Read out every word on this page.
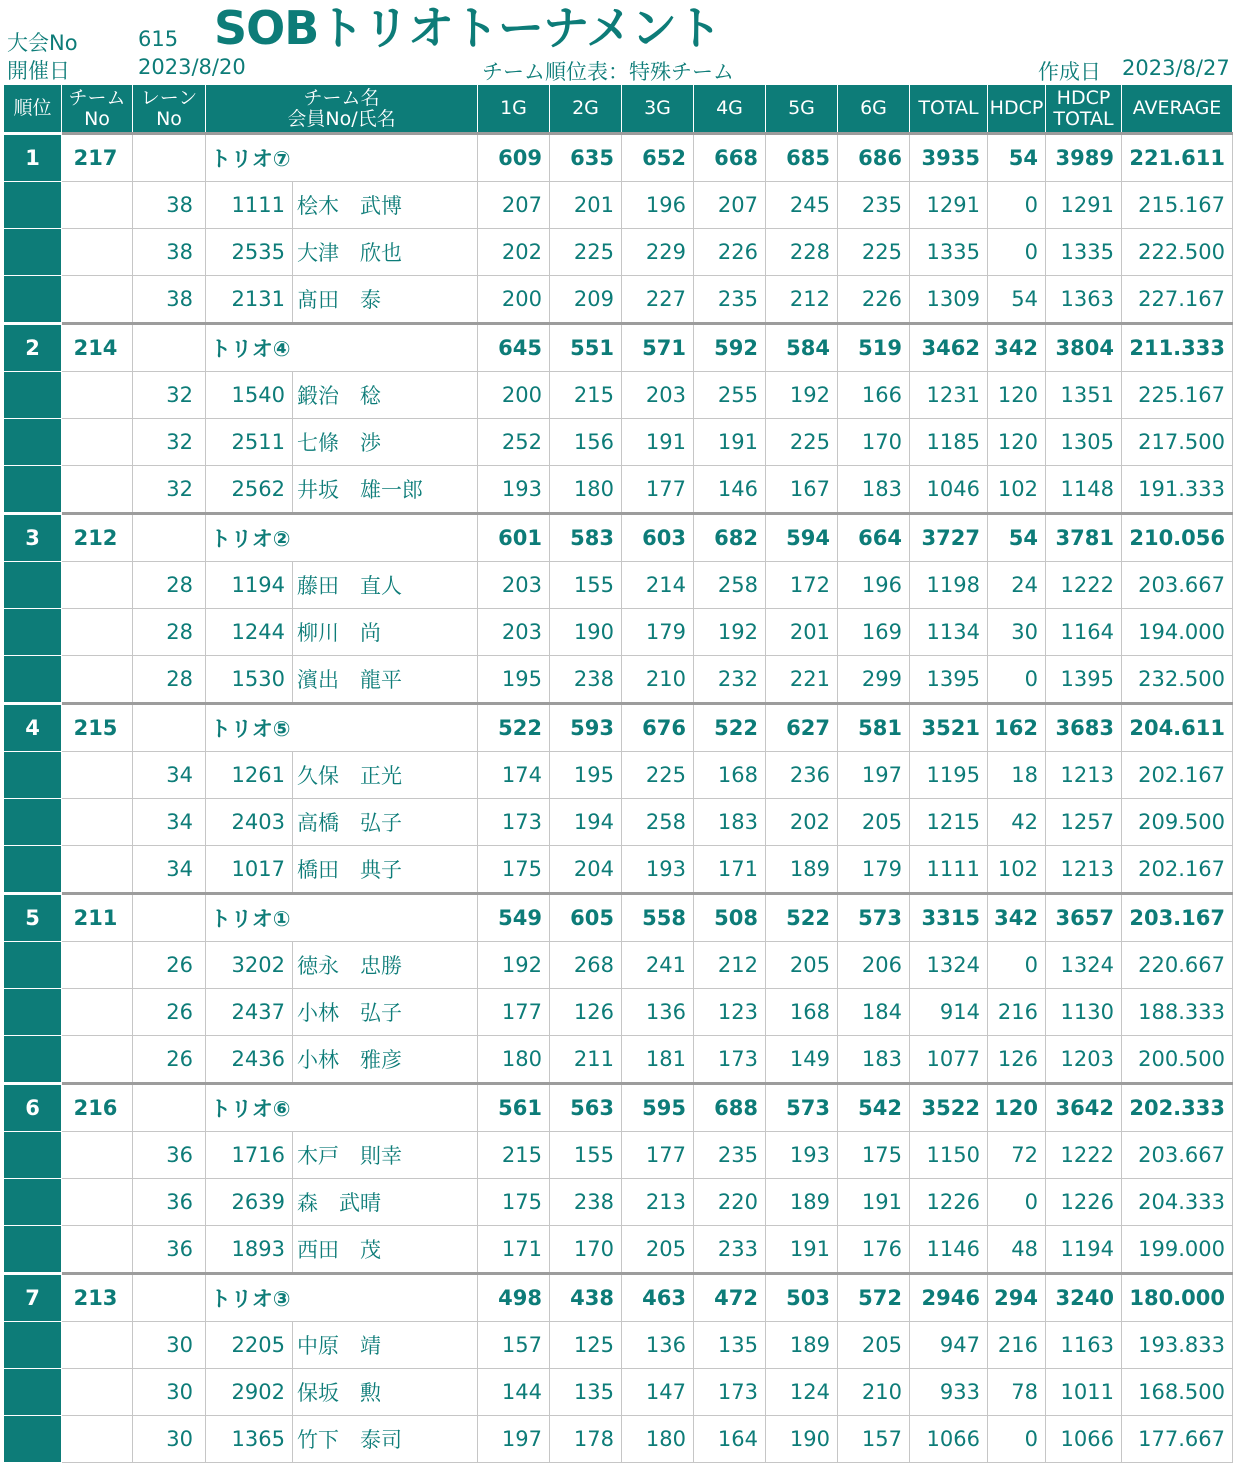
大会No	615
開催日	2023/8/20
SOBトリオトーナメント
チーム順位表：特殊チーム	作成日 2023/8/27
順位	チーム
No	レーン
No	チーム名
会員No/氏名		1G	2G	3G	4G	5G	6G	TOTAL	HDCP	HDCP
TOTAL	AVERAGE
1	217		トリオ⑦		609	635	652	668	685	686	3935	54	3989	221.611
		38	1111	桧木　武博	207	201	196	207	245	235	1291	0	1291	215.167
		38	2535	大津　欣也	202	225	229	226	228	225	1335	0	1335	222.500
		38	2131	髙田　泰	200	209	227	235	212	226	1309	54	1363	227.167
2	214		トリオ④		645	551	571	592	584	519	3462	342	3804	211.333
		32	1540	鍛治　稔	200	215	203	255	192	166	1231	120	1351	225.167
		32	2511	七條　渉	252	156	191	191	225	170	1185	120	1305	217.500
		32	2562	井坂　雄一郎	193	180	177	146	167	183	1046	102	1148	191.333
3	212		トリオ②		601	583	603	682	594	664	3727	54	3781	210.056
		28	1194	藤田　直人	203	155	214	258	172	196	1198	24	1222	203.667
		28	1244	柳川　尚	203	190	179	192	201	169	1134	30	1164	194.000
		28	1530	濱出　龍平	195	238	210	232	221	299	1395	0	1395	232.500
4	215		トリオ⑤		522	593	676	522	627	581	3521	162	3683	204.611
		34	1261	久保　正光	174	195	225	168	236	197	1195	18	1213	202.167
		34	2403	高橋　弘子	173	194	258	183	202	205	1215	42	1257	209.500
		34	1017	橋田　典子	175	204	193	171	189	179	1111	102	1213	202.167
5	211		トリオ①		549	605	558	508	522	573	3315	342	3657	203.167
		26	3202	徳永　忠勝	192	268	241	212	205	206	1324	0	1324	220.667
		26	2437	小林　弘子	177	126	136	123	168	184	914	216	1130	188.333
		26	2436	小林　雅彦	180	211	181	173	149	183	1077	126	1203	200.500
6	216		トリオ⑥		561	563	595	688	573	542	3522	120	3642	202.333
		36	1716	木戸　則幸	215	155	177	235	193	175	1150	72	1222	203.667
		36	2639	森　武晴	175	238	213	220	189	191	1226	0	1226	204.333
		36	1893	西田　茂	171	170	205	233	191	176	1146	48	1194	199.000
7	213		トリオ③		498	438	463	472	503	572	2946	294	3240	180.000
		30	2205	中原　靖	157	125	136	135	189	205	947	216	1163	193.833
		30	2902	保坂　勲	144	135	147	173	124	210	933	78	1011	168.500
		30	1365	竹下　泰司	197	178	180	164	190	157	1066	0	1066	177.667
